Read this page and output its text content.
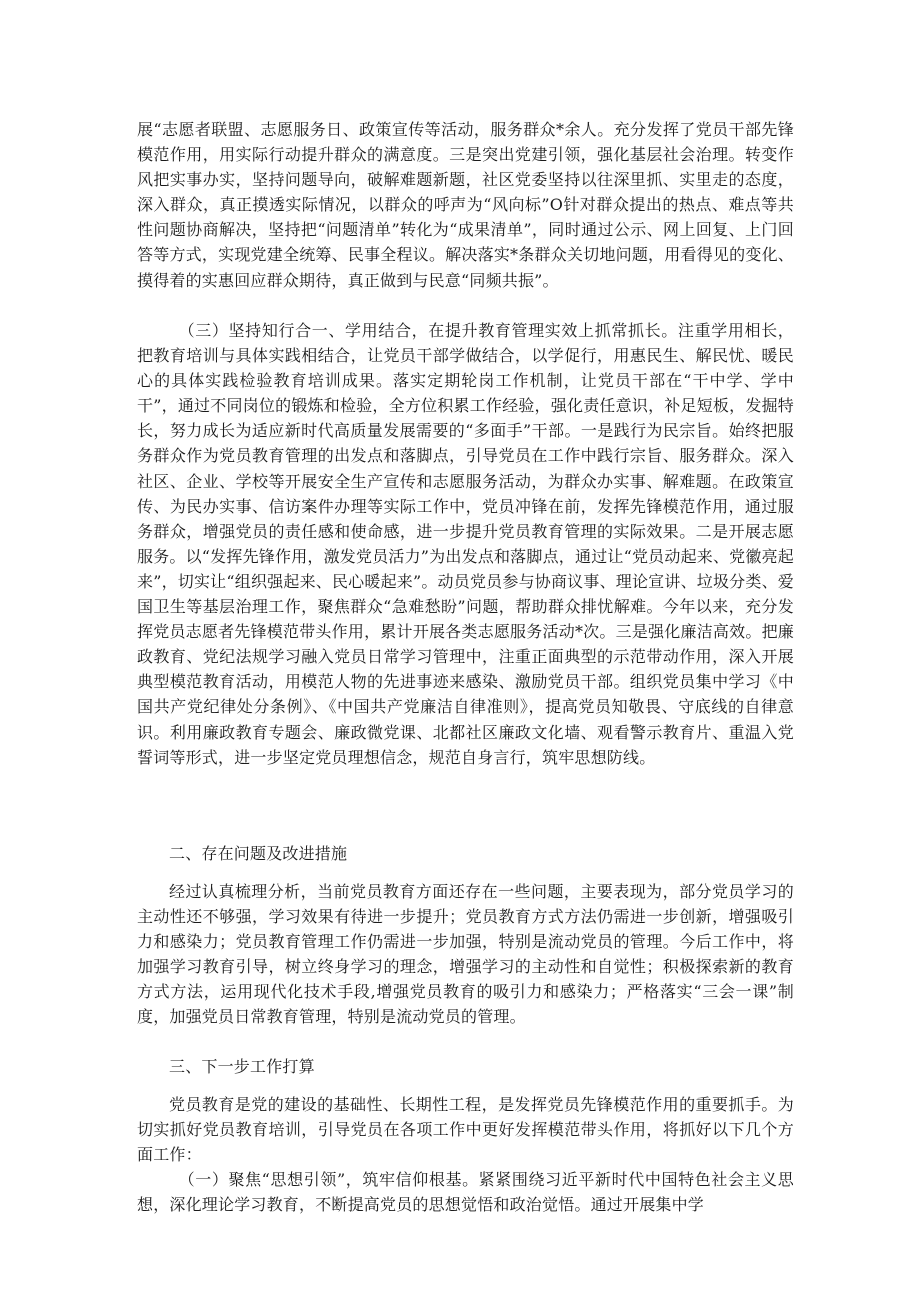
展“志愿者联盟、志愿服务日、政策宣传等活动，服务群众*余人。充分发挥了党员干部先锋模范作用，用实际行动提升群众的满意度。三是突出党建引领，强化基层社会治理。转变作风把实事办实，坚持问题导向，破解难题新题，社区党委坚持以往深里抓、实里走的态度，深入群众，真正摸透实际情况，以群众的呼声为“风向标”O针对群众提出的热点、难点等共性问题协商解决，坚持把“问题清单”转化为“成果清单”，同时通过公示、网上回复、上门回答等方式，实现党建全统筹、民事全程议。解决落实*条群众关切地问题，用看得见的变化、摸得着的实惠回应群众期待，真正做到与民意“同频共振”。

（三）坚持知行合一、学用结合，在提升教育管理实效上抓常抓长。注重学用相长，把教育培训与具体实践相结合，让党员干部学做结合，以学促行，用惠民生、解民忧、暖民心的具体实践检验教育培训成果。落实定期轮岗工作机制，让党员干部在“干中学、学中干”，通过不同岗位的锻炼和检验，全方位积累工作经验，强化责任意识，补足短板，发掘特长，努力成长为适应新时代高质量发展需要的“多面手”干部。一是践行为民宗旨。始终把服务群众作为党员教育管理的出发点和落脚点，引导党员在工作中践行宗旨、服务群众。深入社区、企业、学校等开展安全生产宣传和志愿服务活动，为群众办实事、解难题。在政策宣传、为民办实事、信访案件办理等实际工作中，党员冲锋在前，发挥先锋模范作用，通过服务群众，增强党员的责任感和使命感，进一步提升党员教育管理的实际效果。二是开展志愿服务。以“发挥先锋作用，激发党员活力”为出发点和落脚点，通过让“党员动起来、党徽亮起来”，切实让“组织强起来、民心暖起来”。动员党员参与协商议事、理论宣讲、垃圾分类、爱国卫生等基层治理工作，聚焦群众“急难愁盼”问题，帮助群众排忧解难。今年以来，充分发挥党员志愿者先锋模范带头作用，累计开展各类志愿服务活动*次。三是强化廉洁高效。把廉政教育、党纪法规学习融入党员日常学习管理中，注重正面典型的示范带动作用，深入开展典型模范教育活动，用模范人物的先进事迹来感染、激励党员干部。组织党员集中学习《中国共产党纪律处分条例》、《中国共产党廉洁自律准则》，提高党员知敬畏、守底线的自律意识。利用廉政教育专题会、廉政微党课、北都社区廉政文化墙、观看警示教育片、重温入党誓词等形式，进一步坚定党员理想信念，规范自身言行，筑牢思想防线。

二、存在问题及改进措施

经过认真梳理分析，当前党员教育方面还存在一些问题，主要表现为，部分党员学习的主动性还不够强，学习效果有待进一步提升；党员教育方式方法仍需进一步创新，增强吸引力和感染力；党员教育管理工作仍需进一步加强，特别是流动党员的管理。今后工作中，将加强学习教育引导，树立终身学习的理念，增强学习的主动性和自觉性；积极探索新的教育方式方法，运用现代化技术手段,增强党员教育的吸引力和感染力；严格落实“三会一课”制度，加强党员日常教育管理，特别是流动党员的管理。

三、下一步工作打算

党员教育是党的建设的基础性、长期性工程，是发挥党员先锋模范作用的重要抓手。为切实抓好党员教育培训，引导党员在各项工作中更好发挥模范带头作用，将抓好以下几个方面工作：

（一）聚焦“思想引领”，筑牢信仰根基。紧紧围绕习近平新时代中国特色社会主义思想，深化理论学习教育，不断提高党员的思想觉悟和政治觉悟。通过开展集中学
